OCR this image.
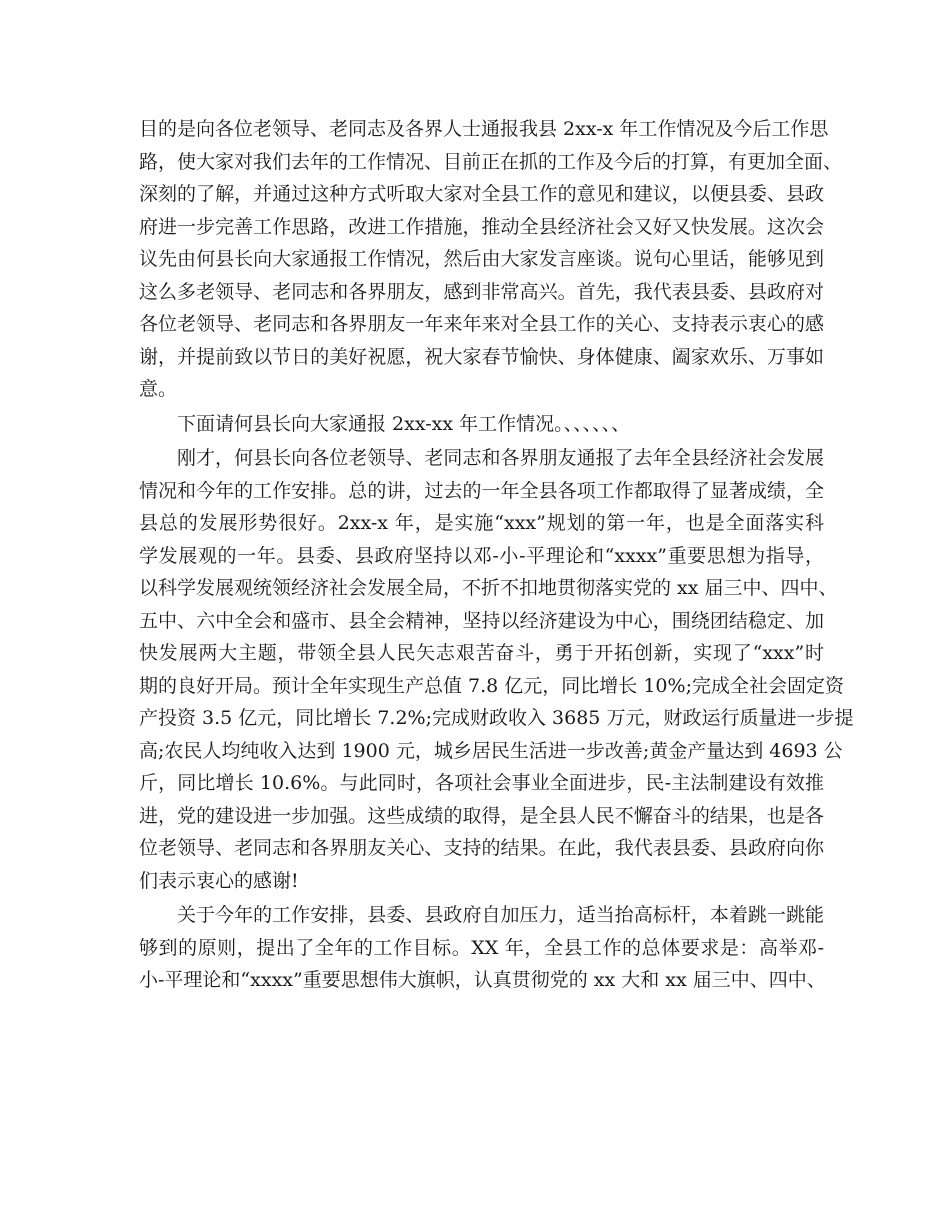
目的是向各位老领导、老同志及各界人士通报我县 2xx-x 年工作情况及今后工作思
路，使大家对我们去年的工作情况、目前正在抓的工作及今后的打算，有更加全面、
深刻的了解，并通过这种方式听取大家对全县工作的意见和建议，以便县委、县政
府进一步完善工作思路，改进工作措施，推动全县经济社会又好又快发展。这次会
议先由何县长向大家通报工作情况，然后由大家发言座谈。说句心里话，能够见到
这么多老领导、老同志和各界朋友，感到非常高兴。首先，我代表县委、县政府对
各位老领导、老同志和各界朋友一年来年来对全县工作的关心、支持表示衷心的感
谢，并提前致以节日的美好祝愿，祝大家春节愉快、身体健康、阖家欢乐、万事如
意。
下面请何县长向大家通报 2xx-xx 年工作情况。、、、、、、
刚才，何县长向各位老领导、老同志和各界朋友通报了去年全县经济社会发展
情况和今年的工作安排。总的讲，过去的一年全县各项工作都取得了显著成绩，全
县总的发展形势很好。2xx-x 年，是实施“xxx”规划的第一年，也是全面落实科
学发展观的一年。县委、县政府坚持以邓-小-平理论和“xxxx”重要思想为指导，
以科学发展观统领经济社会发展全局，不折不扣地贯彻落实党的 xx 届三中、四中、
五中、六中全会和盛市、县全会精神，坚持以经济建设为中心，围绕团结稳定、加
快发展两大主题，带领全县人民矢志艰苦奋斗，勇于开拓创新，实现了“xxx”时
期的良好开局。预计全年实现生产总值 7.8 亿元，同比增长 10%;完成全社会固定资
产投资 3.5 亿元，同比增长 7.2%;完成财政收入 3685 万元，财政运行质量进一步提
高;农民人均纯收入达到 1900 元，城乡居民生活进一步改善;黄金产量达到 4693 公
斤，同比增长 10.6%。与此同时，各项社会事业全面进步，民-主法制建设有效推
进，党的建设进一步加强。这些成绩的取得，是全县人民不懈奋斗的结果，也是各
位老领导、老同志和各界朋友关心、支持的结果。在此，我代表县委、县政府向你
们表示衷心的感谢!
关于今年的工作安排，县委、县政府自加压力，适当抬高标杆，本着跳一跳能
够到的原则，提出了全年的工作目标。XX 年，全县工作的总体要求是：高举邓-
小-平理论和“xxxx”重要思想伟大旗帜，认真贯彻党的 xx 大和 xx 届三中、四中、
